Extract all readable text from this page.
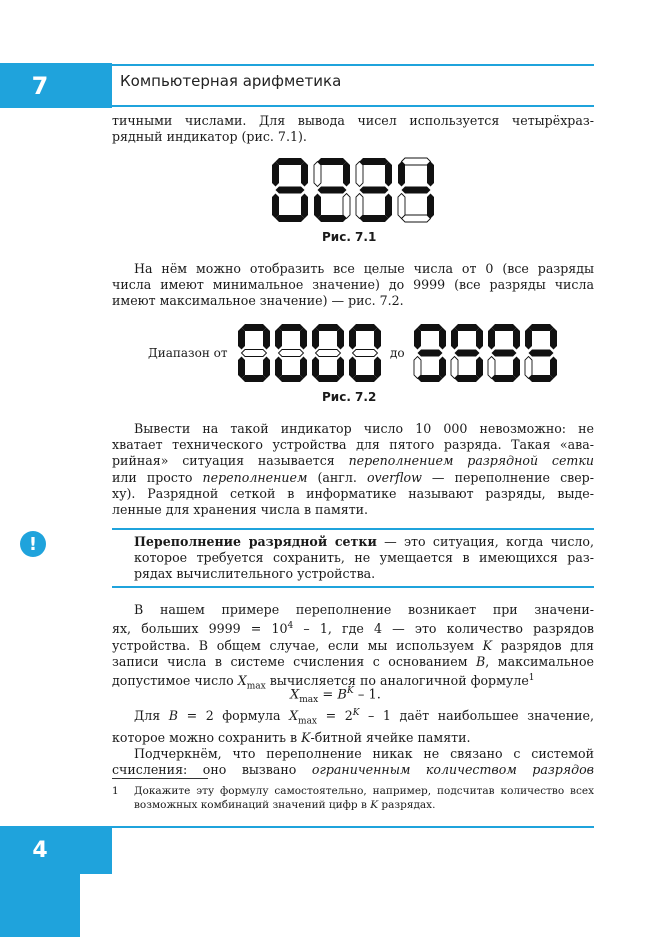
7	Компьютерная арифметика
4

тичными числами. Для вывода чисел используется четырёхраз-

рядный индикатор (рис. 7.1).

Рис. 7.1

На нём можно отобразить все целые числа от 0 (все разряды

числа имеют минимальное значение) до 9999 (все разряды числа

имеют максимальное значение) — рис. 7.2.

Диапазон от	до
Рис. 7.2

Вывести на такой индикатор число 10 000 невозможно: не

хватает технического устройства для пятого разряда. Такая «ава-

рийная» ситуация называется переполнением разрядной сетки

или просто переполнением (англ. overflow — переполнение свер-

ху). Разрядной сеткой в информатике называют разряды, выде-

ленные для хранения числа в памяти.

!	Переполнение разрядной сетки — это ситуация, когда число,

которое требуется сохранить, не умещается в имеющихся раз-

рядах вычислительного устройства.

В нашем примере переполнение возникает при значени-

ях, больших $9999 = 10^4 - 1$, где 4 — это количество разрядов

устройства. В общем случае, если мы используем K разрядов для

записи числа в системе счисления с основанием B, максимальное

допустимое число $X_{max}$ вычисляется по аналогичной формуле$^1$

$X_{max} = B^K - 1$.

Для B = 2 формула $X_{max} = 2^K - 1$ даёт наибольшее значение,

которое можно сохранить в K-битной ячейке памяти.

Подчеркнём, что переполнение никак не связано с системой

счисления: оно вызвано ограниченным количеством разрядов

1	Докажите эту формулу самостоятельно, например, подсчитав количество всех

возможных комбинаций значений цифр в K разрядах.
